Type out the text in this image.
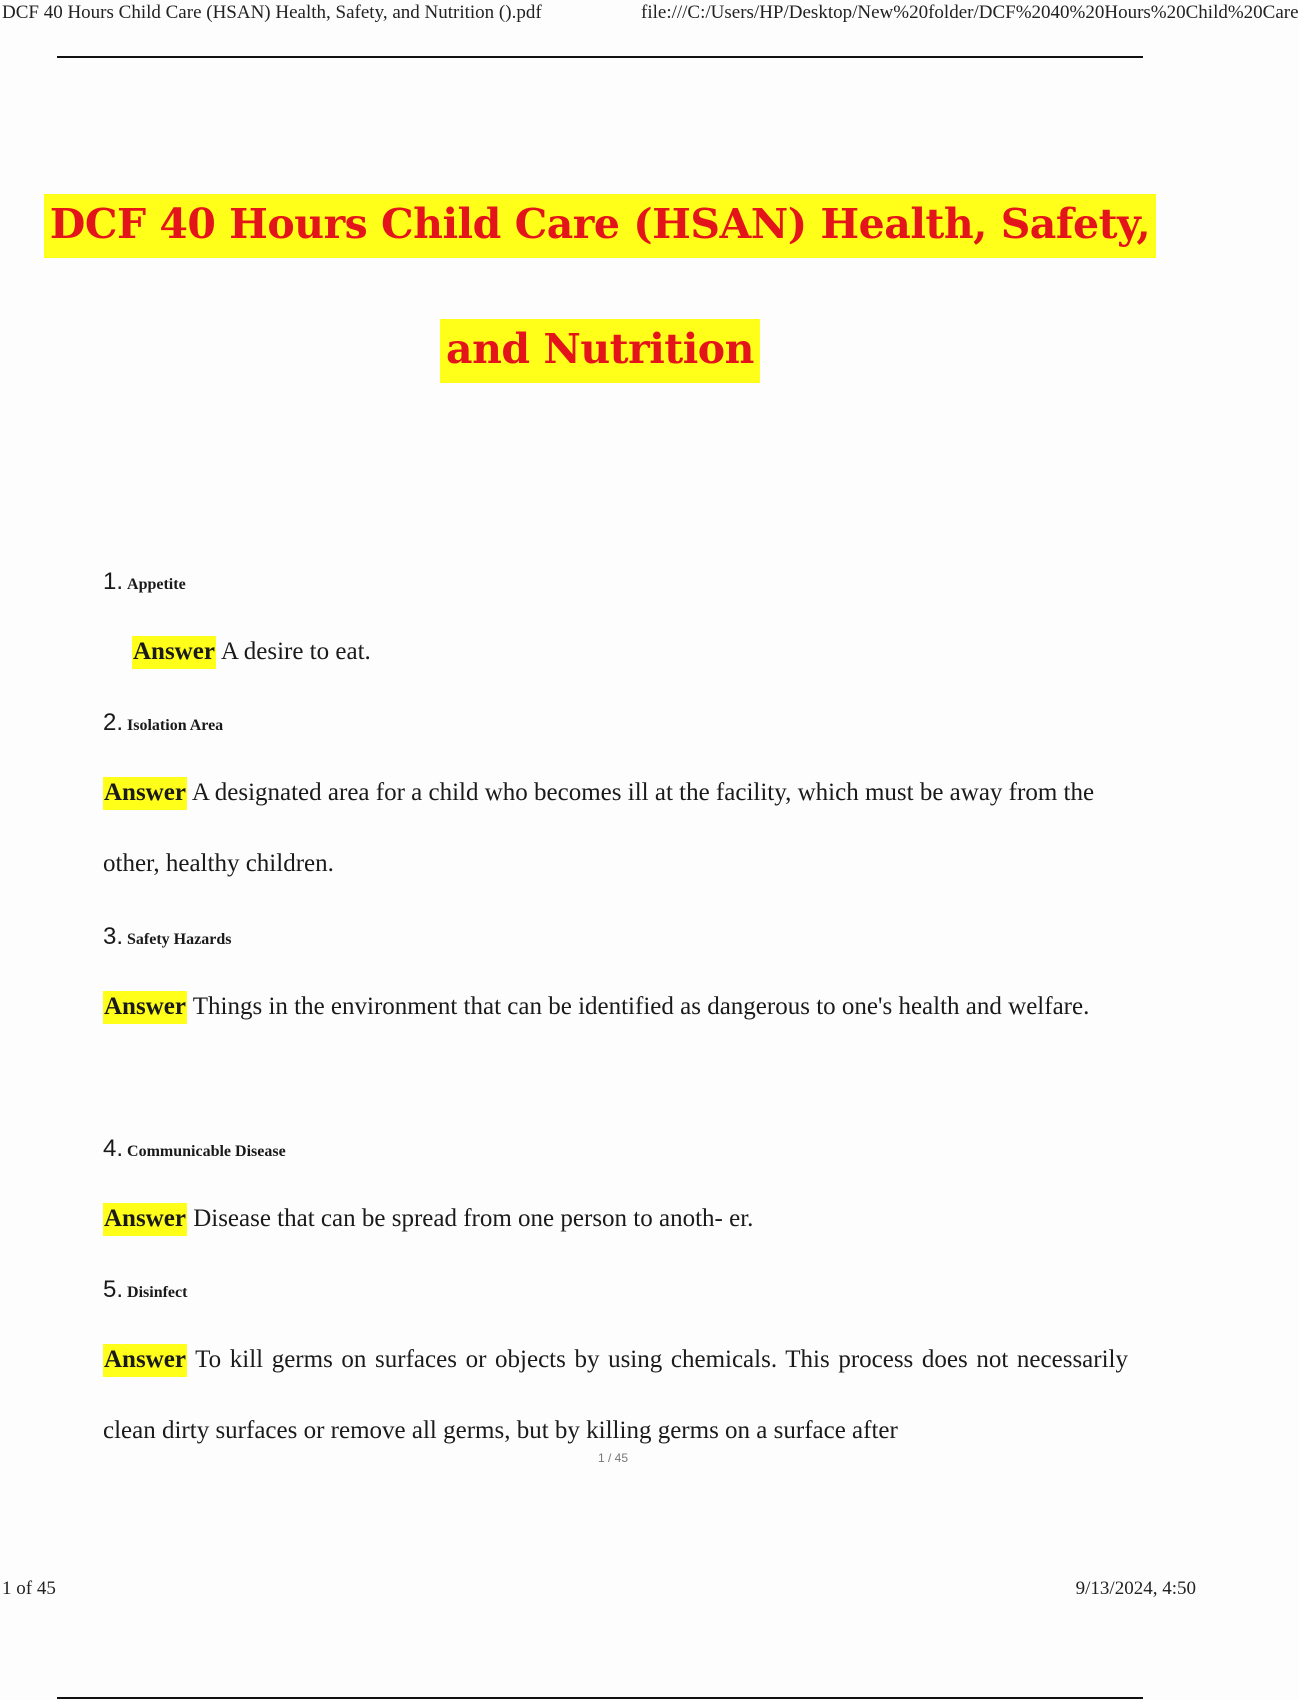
DCF 40 Hours Child Care (HSAN) Health, Safety, and Nutrition ().pdf	file:///C:/Users/HP/Desktop/New%20folder/DCF%2040%20Hours%20Child%20Care
DCF 40 Hours Child Care (HSAN) Health, Safety,
and Nutrition
1. Appetite
Answer A desire to eat.
2. Isolation Area
Answer A designated area for a child who becomes ill at the facility, which must be away from the other, healthy children.
3. Safety Hazards
Answer Things in the environment that can be identified as dangerous to one's health and welfare.
4. Communicable Disease
Answer Disease that can be spread from one person to anoth- er.
5. Disinfect
Answer To kill germs on surfaces or objects by using chemicals. This process does not necessarily clean dirty surfaces or remove all germs, but by killing germs on a surface after
1 / 45
1 of 45	9/13/2024, 4:50
